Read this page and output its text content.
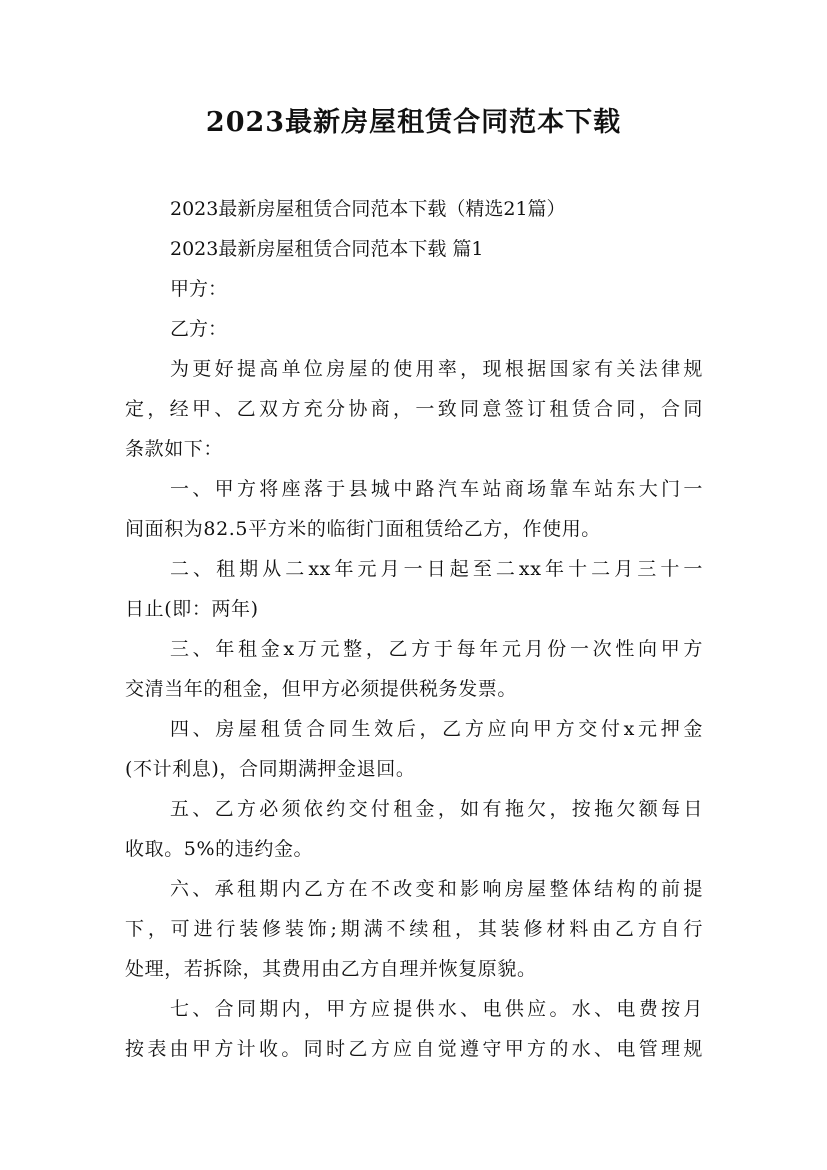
2023最新房屋租赁合同范本下载
2023最新房屋租赁合同范本下载（精选21篇）
2023最新房屋租赁合同范本下载 篇1
甲方：
乙方：
为更好提高单位房屋的使用率，现根据国家有关法律规
定，经甲、乙双方充分协商，一致同意签订租赁合同，合同
条款如下：
一、甲方将座落于县城中路汽车站商场靠车站东大门一
间面积为82.5平方米的临街门面租赁给乙方，作使用。
二、租期从二xx年元月一日起至二xx年十二月三十一
日止(即：两年)
三、年租金x万元整，乙方于每年元月份一次性向甲方
交清当年的租金，但甲方必须提供税务发票。
四、房屋租赁合同生效后，乙方应向甲方交付x元押金
(不计利息)，合同期满押金退回。
五、乙方必须依约交付租金，如有拖欠，按拖欠额每日
收取。5%的违约金。
六、承租期内乙方在不改变和影响房屋整体结构的前提
下，可进行装修装饰;期满不续租，其装修材料由乙方自行
处理，若拆除，其费用由乙方自理并恢复原貌。
七、合同期内，甲方应提供水、电供应。水、电费按月
按表由甲方计收。同时乙方应自觉遵守甲方的水、电管理规
